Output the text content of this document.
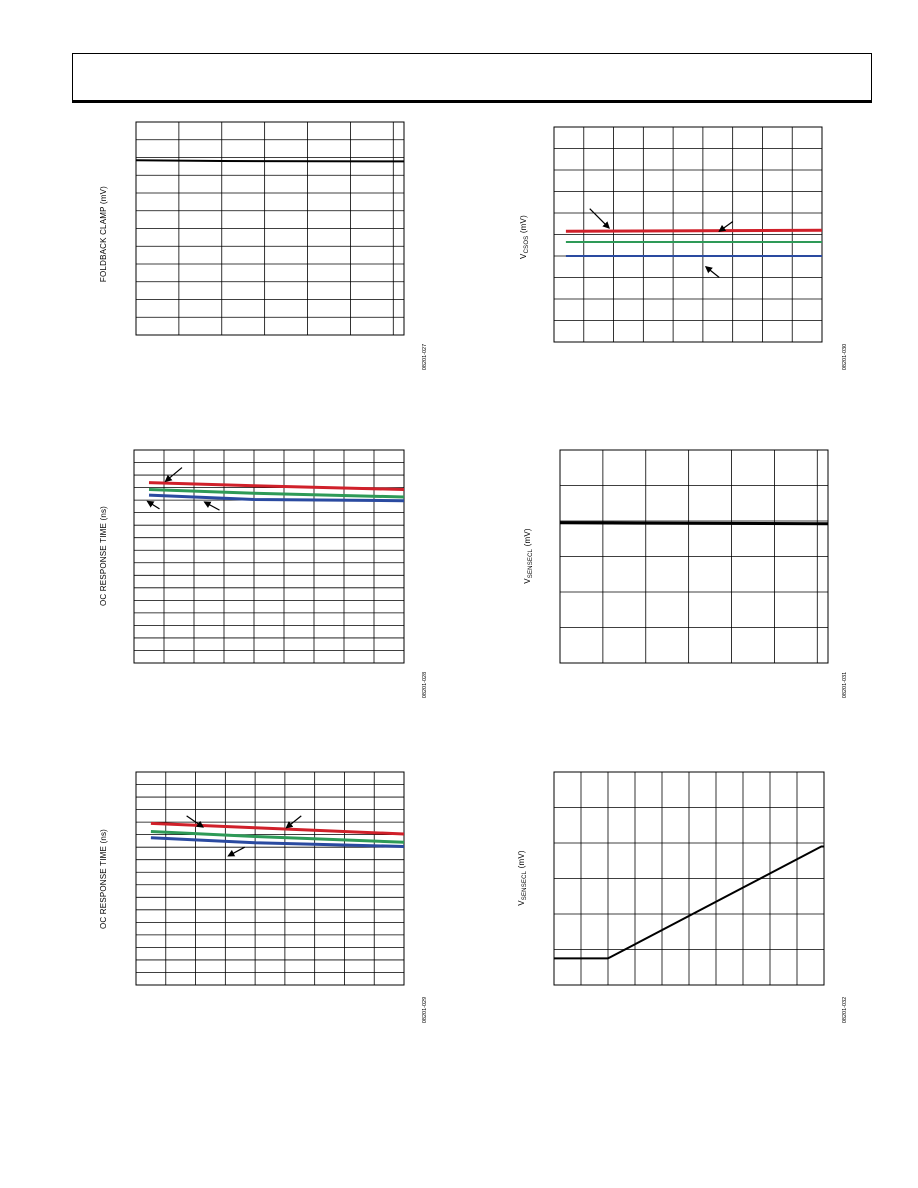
FOLDBACK CLAMP (mV)
08201-027
$V_{CSOS}$ (mV)
08201-030
OC RESPONSE TIME (ns)
08201-028
$V_{SENSECL}$ (mV)
08201-031
OC RESPONSE TIME (ns)
08201-029
$V_{SENSECL}$ (mV)
08201-032
